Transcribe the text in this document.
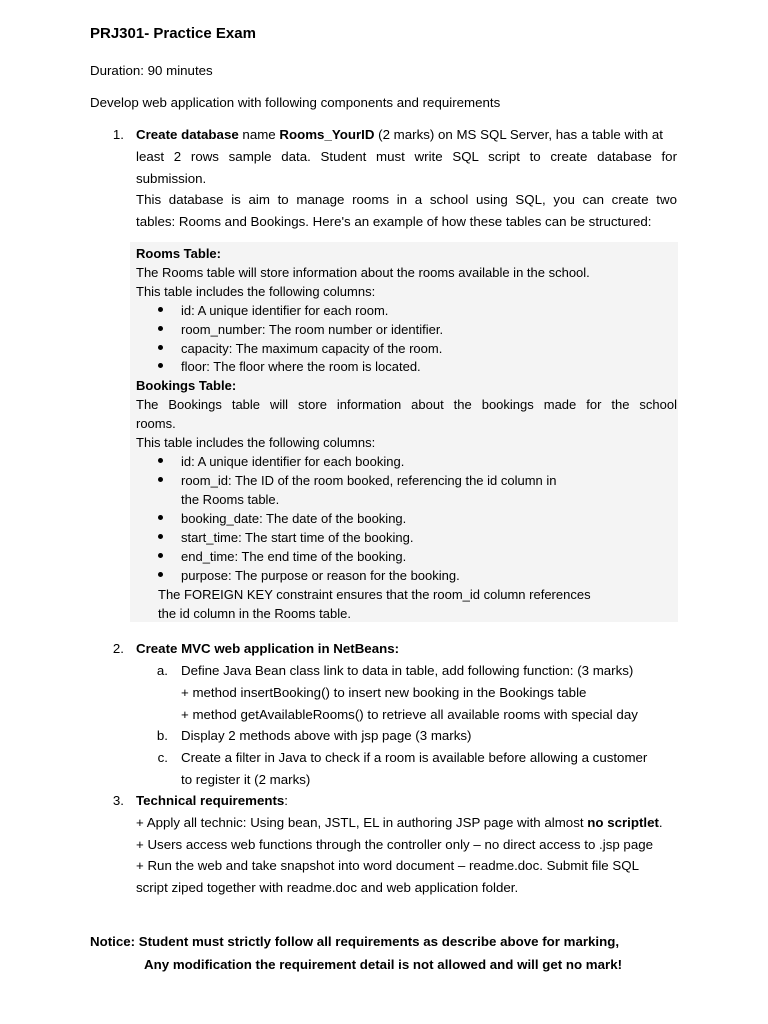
PRJ301- Practice Exam
Duration: 90 minutes
Develop web application with following components and requirements
1. Create database name Rooms_YourID (2 marks) on MS SQL Server, has a table with at
least 2 rows sample data. Student must write SQL script to create database for
submission.
This database is aim to manage rooms in a school using SQL, you can create two
tables: Rooms and Bookings. Here's an example of how these tables can be structured:
Rooms Table:
The Rooms table will store information about the rooms available in the school.
This table includes the following columns:
id: A unique identifier for each room.
room_number: The room number or identifier.
capacity: The maximum capacity of the room.
floor: The floor where the room is located.
Bookings Table:
The Bookings table will store information about the bookings made for the school
rooms.
This table includes the following columns:
id: A unique identifier for each booking.
room_id: The ID of the room booked, referencing the id column in
the Rooms table.
booking_date: The date of the booking.
start_time: The start time of the booking.
end_time: The end time of the booking.
purpose: The purpose or reason for the booking.
The FOREIGN KEY constraint ensures that the room_id column references
the id column in the Rooms table.
2. Create MVC web application in NetBeans:
a. Define Java Bean class link to data in table, add following function: (3 marks)
+ method insertBooking() to insert new booking in the Bookings table
+ method getAvailableRooms() to retrieve all available rooms with special day
b. Display 2 methods above with jsp page (3 marks)
c. Create a filter in Java to check if a room is available before allowing a customer
to register it (2 marks)
3. Technical requirements:
+ Apply all technic: Using bean, JSTL, EL in authoring JSP page with almost no scriptlet.
+ Users access web functions through the controller only – no direct access to .jsp page
+ Run the web and take snapshot into word document – readme.doc. Submit file SQL
script ziped together with readme.doc and web application folder.
Notice: Student must strictly follow all requirements as describe above for marking,
Any modification the requirement detail is not allowed and will get no mark!
